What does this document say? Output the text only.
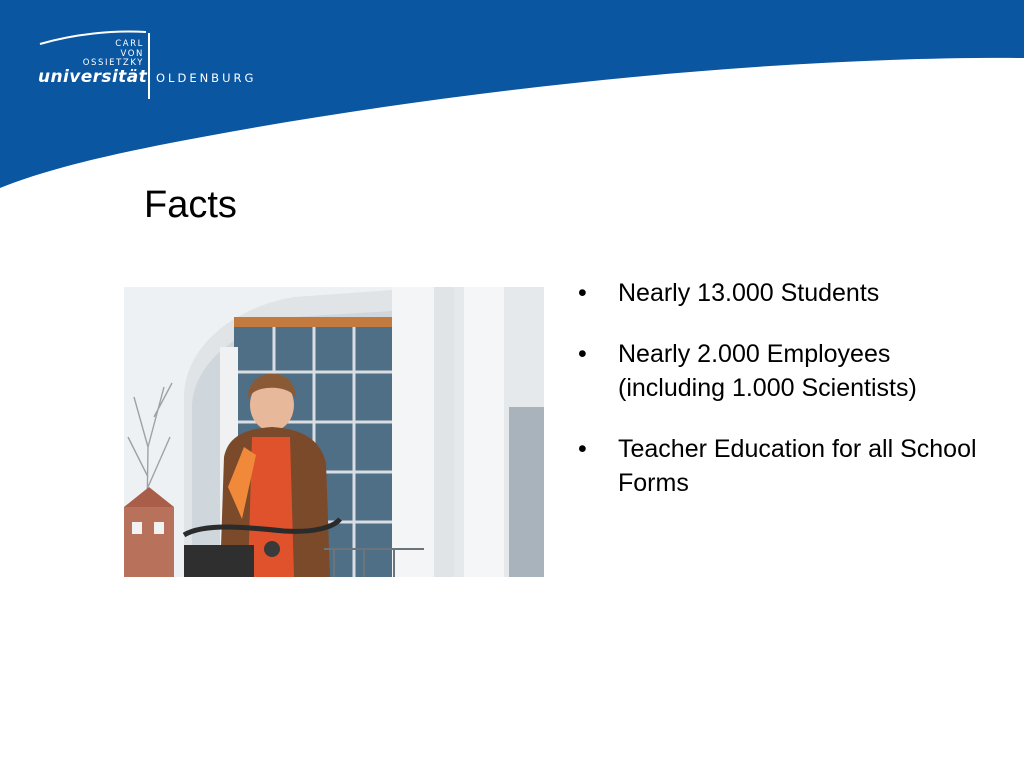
CARL
VON
OSSIETZKY
universität OLDENBURG
Facts
• Nearly 13.000 Students
• Nearly 2.000 Employees (including 1.000 Scientists)
• Teacher Education for all School Forms
